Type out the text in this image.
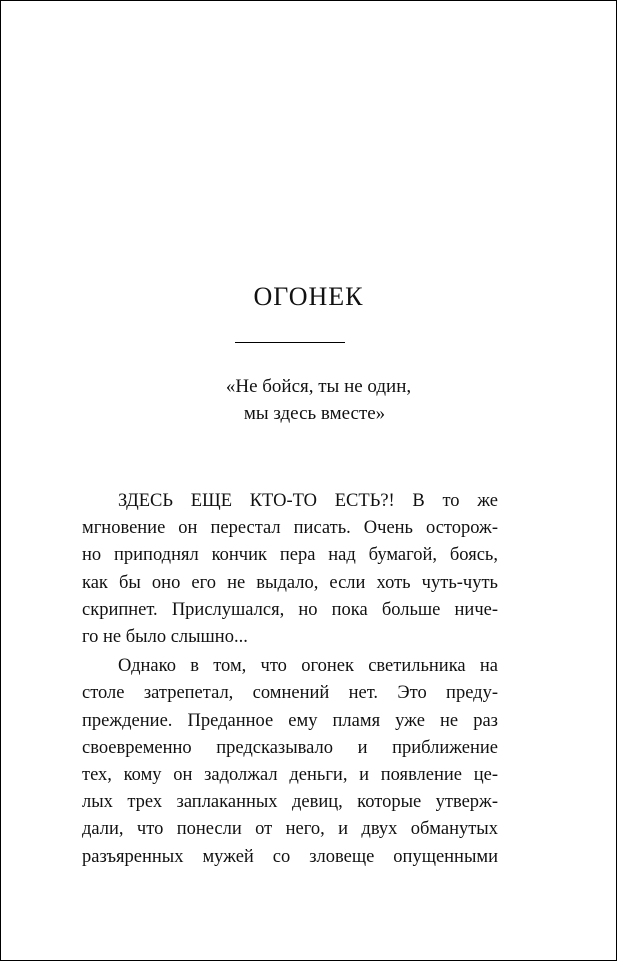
ОГОНЕК

«Не бойся, ты не один,
мы здесь вместе»

ЗДЕСЬ ЕЩЕ КТО-ТО ЕСТЬ?! В то же
мгновение он перестал писать. Очень осторож-
но приподнял кончик пера над бумагой, боясь,
как бы оно его не выдало, если хоть чуть-чуть
скрипнет. Прислушался, но пока больше ниче-
го не было слышно...
Однако в том, что огонек светильника на
столе затрепетал, сомнений нет. Это преду-
преждение. Преданное ему пламя уже не раз
своевременно предсказывало и приближение
тех, кому он задолжал деньги, и появление це-
лых трех заплаканных девиц, которые утверж-
дали, что понесли от него, и двух обманутых
разъяренных мужей со зловеще опущенными
